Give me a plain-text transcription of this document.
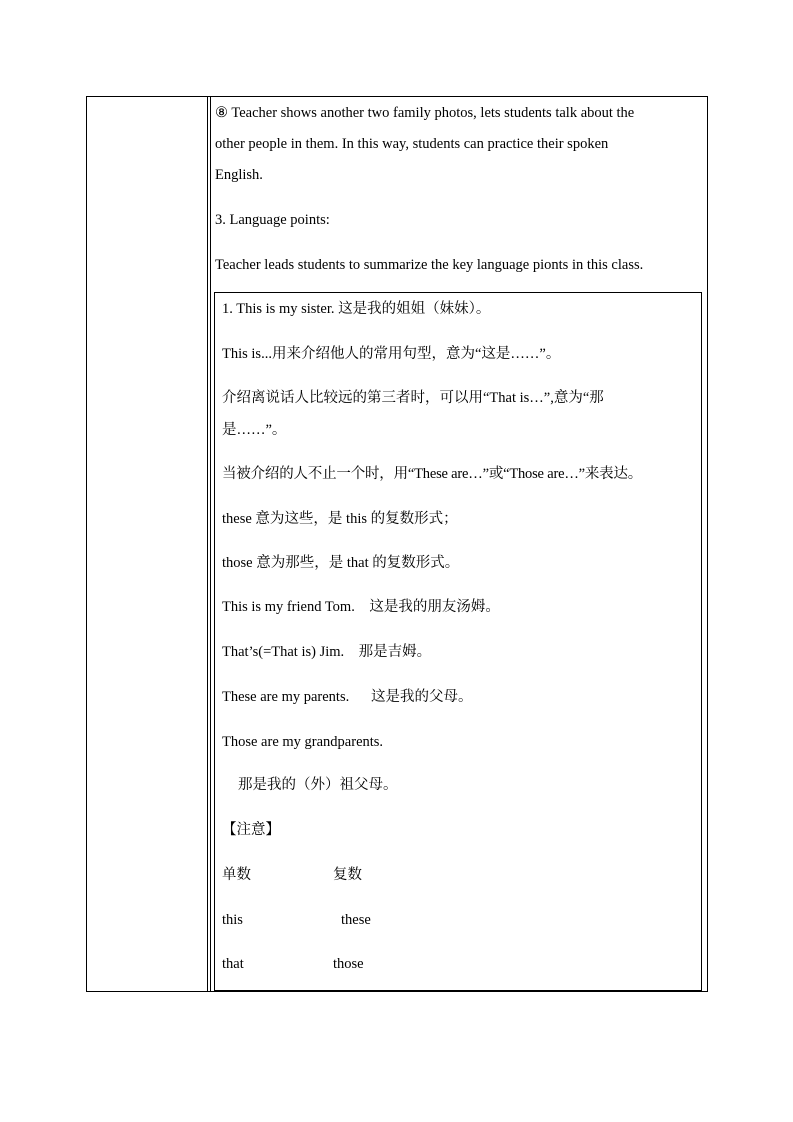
⑧ Teacher shows another two family photos, lets students talk about the
other people in them. In this way, students can practice their spoken
English.
3. Language points:
Teacher leads students to summarize the key language pionts in this class.
1. This is my sister. 这是我的姐姐（妹妹）。
This is...用来介绍他人的常用句型，意为“这是……”。
介绍离说话人比较远的第三者时，可以用“That is…”,意为“那
是……”。
当被介绍的人不止一个时，用“These are…”或“Those are…”来表达。
these 意为这些，是 this 的复数形式；
those 意为那些，是 that 的复数形式。
This is my friend Tom.    这是我的朋友汤姆。
That’s(=That is) Jim.    那是吉姆。
These are my parents.      这是我的父母。
Those are my grandparents.
那是我的（外）祖父母。
【注意】
单数	复数
this	these
that	those
